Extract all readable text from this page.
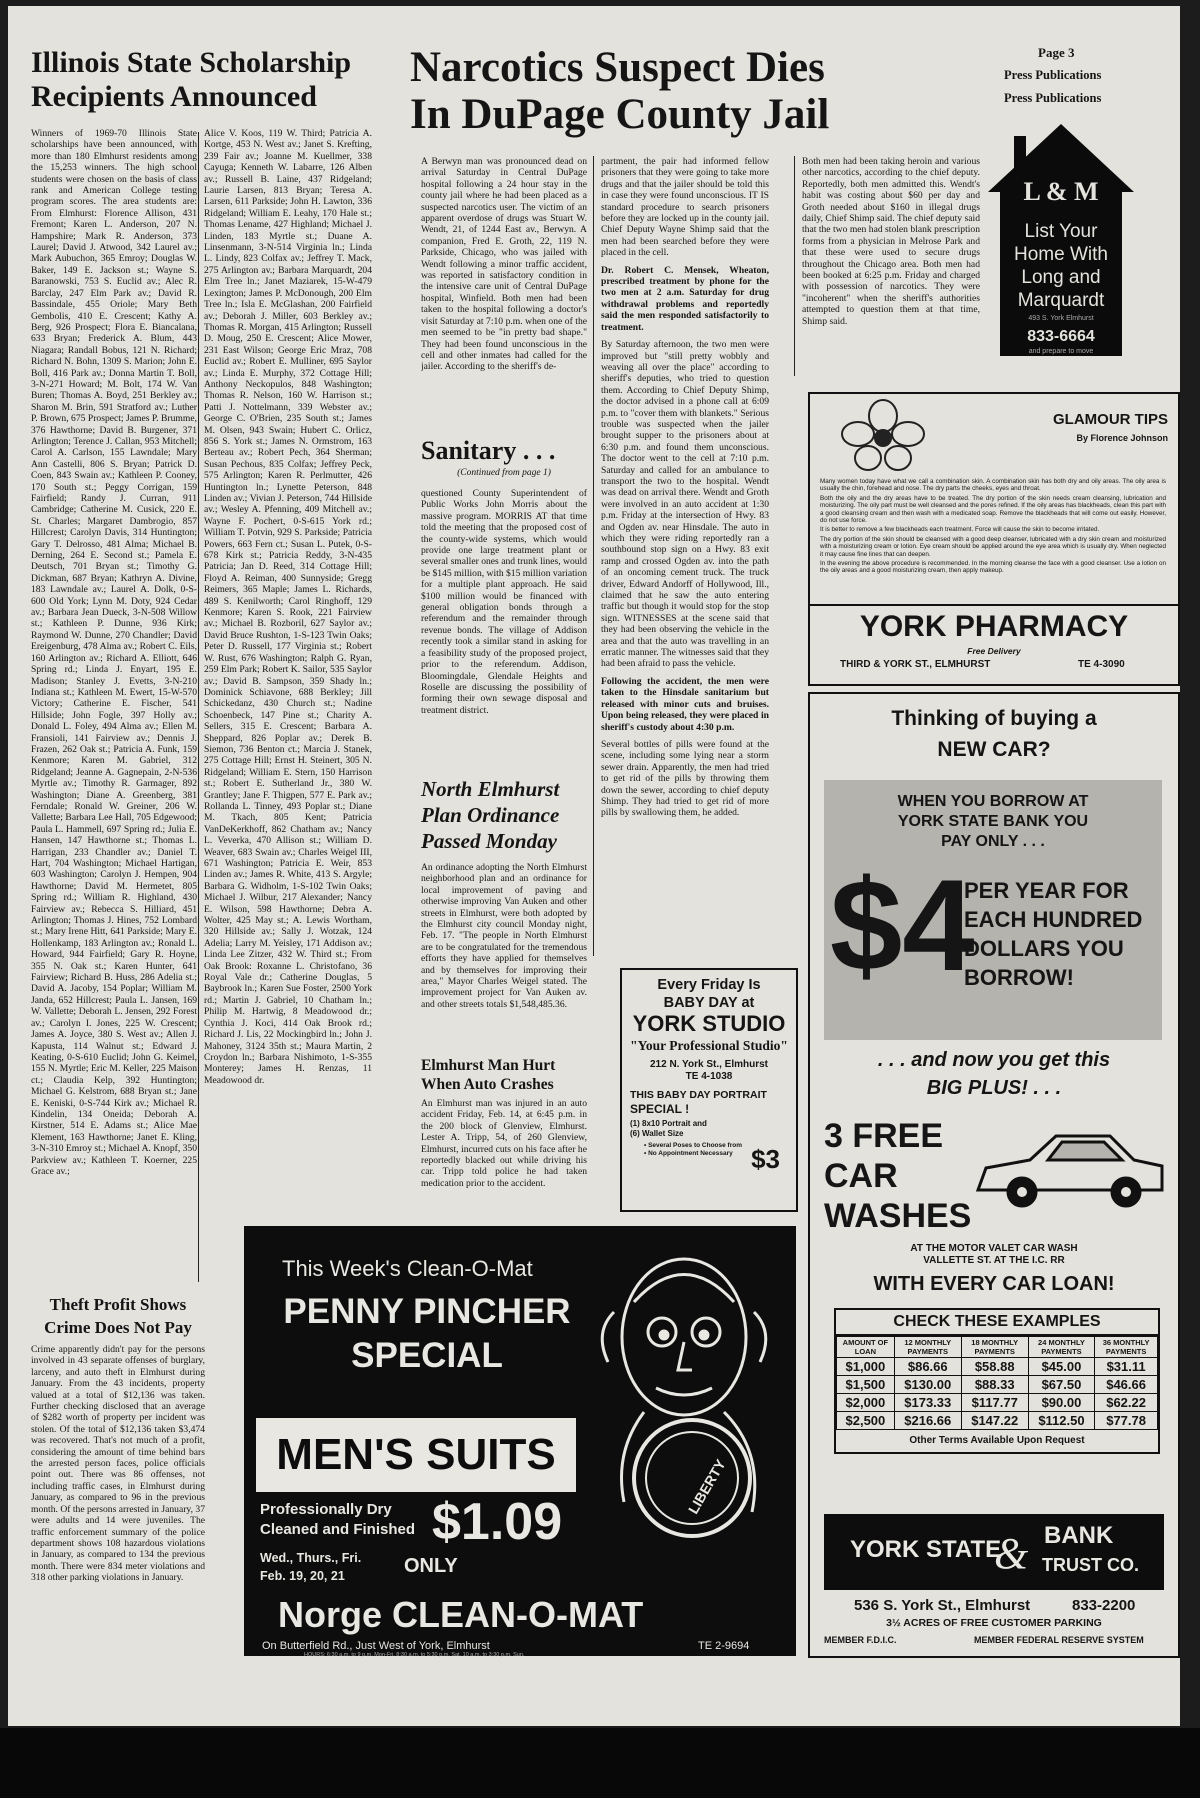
Page 3
Press Publications
Press Publications
Illinois State Scholarship
Recipients Announced
Winners of 1969-70 Illinois State scholarships have been announced, with more than 180 Elmhurst residents among the 15,253 winners. The high school students were chosen on the basis of class rank and American College testing program scores. The area students are: From Elmhurst: Florence Allison, 431 Fremont; Karen L. Anderson, 207 N. Hampshire; Mark R. Anderson, 373 Laurel; David J. Atwood, 342 Laurel av.; Mark Aubuchon, 365 Emroy; Douglas W. Baker, 149 E. Jackson st.; Wayne S. Baranowski, 753 S. Euclid av.; Alec R. Barclay, 247 Elm Park av.; David R. Bassindale, 455 Oriole; Mary Beth Gembolis, 410 E. Crescent; Kathy A. Berg, 926 Prospect; Flora E. Biancalana, 633 Bryan; Frederick A. Blum, 443 Niagara; Randall Bobus, 121 N. Richard; Richard N. Bohn, 1309 S. Marion; John E. Boll, 416 Park av.; Donna Martin T. Boll, 3-N-271 Howard; M. Bolt, 174 W. Van Buren; Thomas A. Boyd, 251 Berkley av.; Sharon M. Brin, 591 Stratford av.; Luther P. Brown, 675 Prospect; James P. Brumme, 376 Hawthorne; David B. Burgener, 371 Arlington; Terence J. Callan, 953 Mitchell; Carol A. Carlson, 155 Lawndale; Mary Ann Castelli, 806 S. Bryan; Patrick D. Coen, 843 Swain av.; Kathleen P. Cooney, 170 South st.; Peggy Corrigan, 159 Fairfield; Randy J. Curran, 911 Cambridge; Catherine M. Cusick, 220 E. St. Charles; Margaret Dambrogio, 857 Hillcrest; Carolyn Davis, 314 Huntington; Gary T. Delrosso, 481 Alma; Michael B. Derning, 264 E. Second st.; Pamela E. Deutsch, 701 Bryan st.; Timothy G. Dickman, 687 Bryan; Kathryn A. Divine, 183 Lawndale av.; Laurel A. Dolk, 0-S-600 Old York; Lynn M. Doty, 924 Cedar av.; Barbara Jean Dueck, 3-N-508 Willow st.; Kathleen P. Dunne, 936 Kirk; Raymond W. Dunne, 270 Chandler; David Ereigenburg, 478 Alma av.; Robert C. Eils, 160 Arlington av.; Richard A. Elliott, 646 Spring rd.; Linda J. Enyart, 195 E. Madison; Stanley J. Evetts, 3-N-210 Indiana st.; Kathleen M. Ewert, 15-W-570 Victory; Catherine E. Fischer, 541 Hillside; John Fogle, 397 Holly av.; Donald L. Foley, 494 Alma av.; Ellen M. Fransioli, 141 Fairview av.; Dennis J. Frazen, 262 Oak st.; Patricia A. Funk, 159 Kenmore; Karen M. Gabriel, 312 Ridgeland; Jeanne A. Gagnepain, 2-N-536 Myrtle av.; Timothy R. Garmager, 892 Washington; Diane A. Greenberg, 381 Ferndale; Ronald W. Greiner, 206 W. Vallette; Barbara Lee Hall, 705 Edgewood; Paula L. Hammell, 697 Spring rd.; Julia E. Hansen, 147 Hawthorne st.; Thomas L. Harrigan, 233 Chandler av.; Daniel T. Hart, 704 Washington; Michael Hartigan, 603 Washington; Carolyn J. Hempen, 904 Hawthorne; David M. Hermetet, 805 Spring rd.; William R. Highland, 430 Fairview av.; Rebecca S. Hilliard, 451 Arlington; Thomas J. Hines, 752 Lombard st.; Mary Irene Hitt, 641 Parkside; Mary E. Hollenkamp, 183 Arlington av.; Ronald L. Howard, 944 Fairfield; Gary R. Hoyne, 355 N. Oak st.; Karen Hunter, 641 Fairview; Richard B. Huss, 286 Adelia st.; David A. Jacoby, 154 Poplar; William M. Janda, 652 Hillcrest; Paula L. Jansen, 169 W. Vallette; Deborah L. Jensen, 292 Forest av.; Carolyn I. Jones, 225 W. Crescent; James A. Joyce, 380 S. West av.; Allen J. Kapusta, 114 Walnut st.; Edward J. Keating, 0-S-610 Euclid; John G. Keimel, 155 N. Myrtle; Eric M. Keller, 225 Maison ct.; Claudia Kelp, 392 Huntington; Michael G. Kelstrom, 688 Bryan st.; Jane E. Keniski, 0-S-744 Kirk av.; Michael R. Kindelin, 134 Oneida; Deborah A. Kirstner, 514 E. Adams st.; Alice Mae Klement, 163 Hawthorne; Janet E. Kling, 3-N-310 Emroy st.; Michael A. Knopf, 350 Parkview av.; Kathleen T. Koerner, 225 Grace av.;
Alice V. Koos, 119 W. Third; Patricia A. Kortge, 453 N. West av.; Janet S. Krefting, 239 Fair av.; Joanne M. Kuellmer, 338 Cayuga; Kenneth W. Labarre, 126 Alben av.; Russell B. Laine, 437 Ridgeland; Laurie Larsen, 813 Bryan; Teresa A. Larsen, 611 Parkside; John H. Lawton, 336 Ridgeland; William E. Leahy, 170 Hale st.; Thomas Lename, 427 Highland; Michael J. Linden, 183 Myrtle st.; Duane A. Linsenmann, 3-N-514 Virginia ln.; Linda L. Lindy, 823 Colfax av.; Jeffrey T. Mack, 275 Arlington av.; Barbara Marquardt, 204 Elm Tree ln.; Janet Maziarek, 15-W-479 Lexington; James P. McDonough, 200 Elm Tree ln.; Isla E. McGlashan, 200 Fairfield av.; Deborah J. Miller, 603 Berkley av.; Thomas R. Morgan, 415 Arlington; Russell D. Moug, 250 E. Crescent; Alice Mower, 231 East Wilson; George Eric Mraz, 708 Euclid av.; Robert E. Mulliner, 695 Saylor av.; Linda E. Murphy, 372 Cottage Hill; Anthony Neckopulos, 848 Washington; Thomas R. Nelson, 160 W. Harrison st.; Patti J. Nottelmann, 339 Webster av.; George C. O'Brien, 235 South st.; James M. Olsen, 943 Swain; Hubert C. Orlicz, 856 S. York st.; James N. Ormstrom, 163 Berteau av.; Robert Pech, 364 Sherman; Susan Pechous, 835 Colfax; Jeffrey Peck, 575 Arlington; Karen R. Perlmutter, 426 Huntington ln.; Lynette Peterson, 848 Linden av.; Vivian J. Peterson, 744 Hillside av.; Wesley A. Pfenning, 409 Mitchell av.; Wayne F. Pochert, 0-S-615 York rd.; William T. Potvin, 929 S. Parkside; Patricia Powers, 663 Fern ct.; Susan L. Putek, 0-S-678 Kirk st.; Patricia Reddy, 3-N-435 Patricia; Jan D. Reed, 314 Cottage Hill; Floyd A. Reiman, 400 Sunnyside; Gregg Reimers, 365 Maple; James L. Richards, 489 S. Kenilworth; Carol Ringhoff, 129 Kenmore; Karen S. Rook, 221 Fairview av.; Michael B. Rozboril, 627 Saylor av.; David Bruce Rushton, 1-S-123 Twin Oaks; Peter D. Russell, 177 Virginia st.; Robert W. Rust, 676 Washington; Ralph G. Ryan, 259 Elm Park; Robert K. Sailor, 535 Saylor av.; David B. Sampson, 359 Shady ln.; Dominick Schiavone, 688 Berkley; Jill Schickedanz, 430 Church st.; Nadine Schoenbeck, 147 Pine st.; Charity A. Sellers, 315 E. Crescent; Barbara A. Sheppard, 826 Poplar av.; Derek B. Siemon, 736 Benton ct.; Marcia J. Stanek, 275 Cottage Hill; Ernst H. Steinert, 305 N. Ridgeland; William E. Stern, 150 Harrison st.; Robert E. Sutherland Jr., 380 W. Grantley; Jane F. Thigpen, 577 E. Park av.; Rollanda L. Tinney, 493 Poplar st.; Diane M. Tkach, 805 Kent; Patricia VanDeKerkhoff, 862 Chatham av.; Nancy L. Veverka, 470 Allison st.; William D. Weaver, 683 Swain av.; Charles Weigel III, 671 Washington; Patricia E. Weir, 853 Linden av.; James R. White, 413 S. Argyle; Barbara G. Widholm, 1-S-102 Twin Oaks; Michael J. Wilbur, 217 Alexander; Nancy E. Wilson, 598 Hawthorne; Debra A. Wolter, 425 May st.; A. Lewis Wortham, 320 Hillside av.; Sally J. Wotzak, 124 Adelia; Larry M. Yeisley, 171 Addison av.; Linda Lee Zitzer, 432 W. Third st.; From Oak Brook: Roxanne L. Christofano, 36 Royal Vale dr.; Catherine Douglas, 5 Baybrook ln.; Karen Sue Foster, 2500 York rd.; Martin J. Gabriel, 10 Chatham ln.; Philip M. Hartwig, 8 Meadowood dr.; Cynthia J. Koci, 414 Oak Brook rd.; Richard J. Lis, 22 Mockingbird ln.; John J. Mahoney, 3124 35th st.; Maura Martin, 2 Croydon ln.; Barbara Nishimoto, 1-S-355 Monterey; James H. Renzas, 11 Meadowood dr.
Theft Profit Shows
Crime Does Not Pay
Crime apparently didn't pay for the persons involved in 43 separate offenses of burglary, larceny, and auto theft in Elmhurst during January. From the 43 incidents, property valued at a total of $12,136 was taken. Further checking disclosed that an average of $282 worth of property per incident was stolen. Of the total of $12,136 taken $3,474 was recovered. That's not much of a profit, considering the amount of time behind bars the arrested person faces, police officials point out. There was 86 offenses, not including traffic cases, in Elmhurst during January, as compared to 96 in the previous month. Of the persons arrested in January, 37 were adults and 14 were juveniles. The traffic enforcement summary of the police department shows 108 hazardous violations in January, as compared to 134 the previous month. There were 834 meter violations and 318 other parking violations in January.
Narcotics Suspect Dies
In DuPage County Jail
A Berwyn man was pronounced dead on arrival Saturday in Central DuPage hospital following a 24 hour stay in the county jail where he had been placed as a suspected narcotics user. The victim of an apparent overdose of drugs was Stuart W. Wendt, 21, of 1244 East av., Berwyn. A companion, Fred E. Groth, 22, 119 N. Parkside, Chicago, who was jailed with Wendt following a minor traffic accident, was reported in satisfactory condition in the intensive care unit of Central DuPage hospital, Winfield. Both men had been taken to the hospital following a doctor's visit Saturday at 7:10 p.m. when one of the men seemed to be "in pretty bad shape." They had been found unconscious in the cell and other inmates had called for the jailer. According to the sheriff's de-
partment, the pair had informed fellow prisoners that they were going to take more drugs and that the jailer should be told this in case they were found unconscious. IT IS standard procedure to search prisoners before they are locked up in the county jail. Chief Deputy Wayne Shimp said that the men had been searched before they were placed in the cell.
Dr. Robert C. Mensek, Wheaton, prescribed treatment by phone for the two men at 2 a.m. Saturday for drug withdrawal problems and reportedly said the men responded satisfactorily to treatment.
By Saturday afternoon, the two men were improved but "still pretty wobbly and weaving all over the place" according to sheriff's deputies, who tried to question them. According to Chief Deputy Shimp, the doctor advised in a phone call at 6:09 p.m. to "cover them with blankets." Serious trouble was suspected when the jailer brought supper to the prisoners about at 6:30 p.m. and found them unconscious. The doctor went to the cell at 7:10 p.m. Saturday and called for an ambulance to transport the two to the hospital. Wendt was dead on arrival there. Wendt and Groth were involved in an auto accident at 1:30 p.m. Friday at the intersection of Hwy. 83 and Ogden av. near Hinsdale. The auto in which they were riding reportedly ran a southbound stop sign on a Hwy. 83 exit ramp and crossed Ogden av. into the path of an oncoming cement truck. The truck driver, Edward Andorff of Hollywood, Ill., claimed that he saw the auto entering traffic but though it would stop for the stop sign. WITNESSES at the scene said that they had been observing the vehicle in the area and that the auto was travelling in an erratic manner. The witnesses said that they had been afraid to pass the vehicle.
Following the accident, the men were taken to the Hinsdale sanitarium but released with minor cuts and bruises. Upon being released, they were placed in sheriff's custody about 4:30 p.m.
Several bottles of pills were found at the scene, including some lying near a storm sewer drain. Apparently, the men had tried to get rid of the pills by throwing them down the sewer, according to chief deputy Shimp. They had tried to get rid of more pills by swallowing them, he added.
Both men had been taking heroin and various other narcotics, according to the chief deputy. Reportedly, both men admitted this. Wendt's habit was costing about $60 per day and Groth needed about $160 in illegal drugs daily, Chief Shimp said. The chief deputy said that the two men had stolen blank prescription forms from a physician in Melrose Park and that these were used to secure drugs throughout the Chicago area. Both men had been booked at 6:25 p.m. Friday and charged with possession of narcotics. They were "incoherent" when the sheriff's authorities attempted to question them at that time, Shimp said.
Sanitary . . .
(Continued from page 1)
questioned County Superintendent of Public Works John Morris about the massive program. MORRIS AT that time told the meeting that the proposed cost of the county-wide systems, which would provide one large treatment plant or several smaller ones and trunk lines, would be $145 million, with $15 million variation for a multiple plant approach. He said $100 million would be financed with general obligation bonds through a referendum and the remainder through revenue bonds. The village of Addison recently took a similar stand in asking for a feasibility study of the proposed project, prior to the referendum. Addison, Bloomingdale, Glendale Heights and Roselle are discussing the possibility of forming their own sewage disposal and treatment district.
North Elmhurst
Plan Ordinance
Passed Monday
An ordinance adopting the North Elmhurst neighborhood plan and an ordinance for local improvement of paving and otherwise improving Van Auken and other streets in Elmhurst, were both adopted by the Elmhurst city council Monday night, Feb. 17. "The people in North Elmhurst are to be congratulated for the tremendous efforts they have applied for themselves and by themselves for improving their area," Mayor Charles Weigel stated. The improvement project for Van Auken av. and other streets totals $1,548,485.36.
Elmhurst Man Hurt
When Auto Crashes
An Elmhurst man was injured in an auto accident Friday, Feb. 14, at 6:45 p.m. in the 200 block of Glenview, Elmhurst. Lester A. Tripp, 54, of 260 Glenview, Elmhurst, incurred cuts on his face after he reportedly blacked out while driving his car. Tripp told police he had taken medication prior to the accident.
L & M
List Your
Home With
Long and
Marquardt
493 S. York Elmhurst
833-6664
and prepare to move
GLAMOUR TIPS
By Florence Johnson
Many women today have what we call a combination skin. A combination skin has both dry and oily areas. The oily area is usually the chin, forehead and nose. The dry parts the cheeks, eyes and throat.
Both the oily and the dry areas have to be treated. The dry portion of the skin needs cream cleansing, lubrication and moisturizing. The oily part must be well cleansed and the pores refined. If the oily areas has blackheads, clean this part with a good cleansing cream and then wash with a medicated soap. Remove the blackheads that will come out easily. However, do not use force.
It is better to remove a few blackheads each treatment. Force will cause the skin to become irritated.
The dry portion of the skin should be cleansed with a good deep cleanser, lubricated with a dry skin cream and moisturized with a moisturizing cream or lotion. Eye cream should be applied around the eye area which is usually dry. When neglected it may cause fine lines that can deepen.
In the evening the above procedure is recommended. In the morning cleanse the face with a good cleanser. Use a lotion on the oily areas and a good moisturizing cream, then apply makeup.
YORK PHARMACY
Free Delivery
THIRD & YORK ST., ELMHURST	TE 4-3090
Every Friday Is
BABY DAY at
YORK STUDIO
"Your Professional Studio"
212 N. York St., Elmhurst
TE 4-1038
THIS BABY DAY PORTRAIT
SPECIAL !
(1) 8x10 Portrait and
(6) Wallet Size
$3
• Several Poses to Choose from
• No Appointment Necessary
This Week's Clean-O-Mat
PENNY PINCHER
SPECIAL
MEN'S SUITS
Professionally Dry
Cleaned and Finished $1.09
Wed., Thurs., Fri.
Feb. 19, 20, 21	ONLY
Norge CLEAN-O-MAT
On Butterfield Rd., Just West of York, Elmhurst	TE 2-9694
HOURS: 6:30 a.m. to 9 p.m. Mon-Fri. 8:30 a.m. to 5:30 p.m. Sat. 10 a.m. to 3:30 p.m. Sun.
LIBERTY
Thinking of buying a
NEW CAR?
WHEN YOU BORROW AT
YORK STATE BANK YOU
PAY ONLY . . .
$4
PER YEAR FOR
EACH HUNDRED
DOLLARS YOU
BORROW!
. . . and now you get this
BIG PLUS! . . .
3 FREE
CAR
WASHES
AT THE MOTOR VALET CAR WASH
VALLETTE ST. AT THE I.C. RR
WITH EVERY CAR LOAN!
CHECK THESE EXAMPLES
AMOUNT OF LOAN	12 MONTHLY PAYMENTS	18 MONTHLY PAYMENTS	24 MONTHLY PAYMENTS	36 MONTHLY PAYMENTS
$1,000	$86.66	$58.88	$45.00	$31.11
$1,500	$130.00	$88.33	$67.50	$46.66
$2,000	$173.33	$117.77	$90.00	$62.22
$2,500	$216.66	$147.22	$112.50	$77.78
Other Terms Available Upon Request
YORK STATE
& BANK
TRUST CO.
536 S. York St., Elmhurst	833-2200
3½ ACRES OF FREE CUSTOMER PARKING
MEMBER F.D.I.C.	MEMBER FEDERAL RESERVE SYSTEM
